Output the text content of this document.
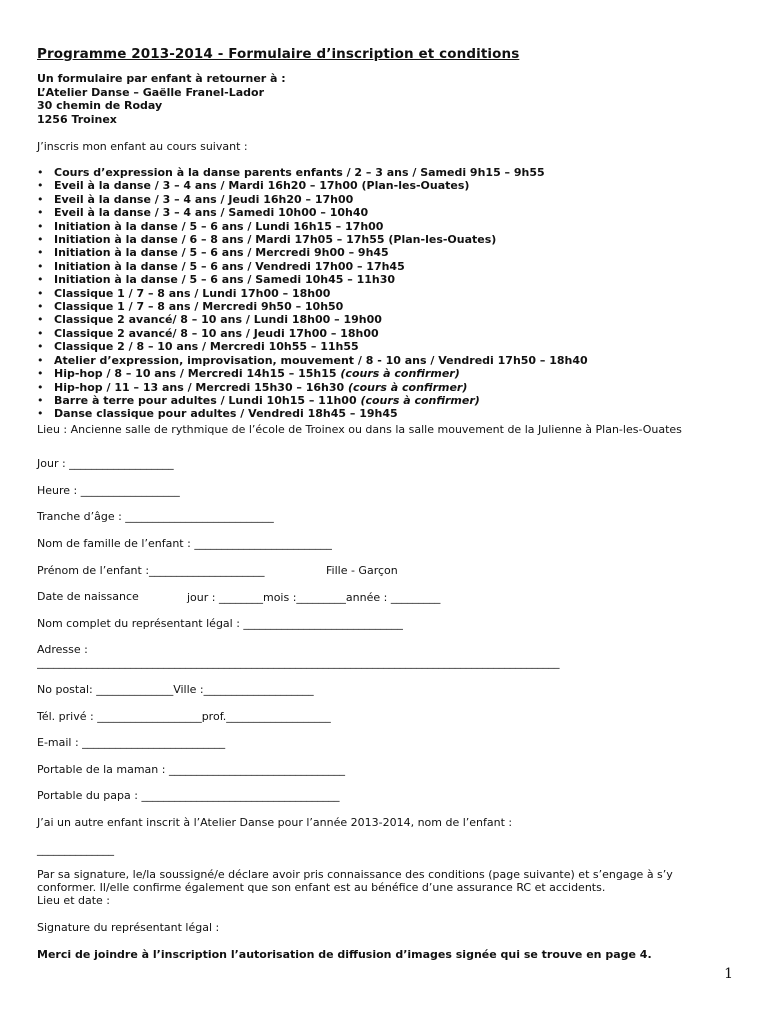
Programme 2013-2014 - Formulaire d’inscription et conditions
Un formulaire par enfant à retourner à :
L’Atelier Danse – Gaëlle Franel-Lador
30 chemin de Roday
1256 Troinex
J’inscris mon enfant au cours suivant :
• Cours d’expression à la danse parents enfants / 2 – 3 ans / Samedi 9h15 – 9h55
• Eveil à la danse / 3 – 4 ans / Mardi 16h20 – 17h00 (Plan-les-Ouates)
• Eveil à la danse / 3 – 4 ans / Jeudi 16h20 – 17h00
• Eveil à la danse / 3 – 4 ans / Samedi 10h00 – 10h40
• Initiation à la danse / 5 – 6 ans / Lundi 16h15 – 17h00
• Initiation à la danse / 6 – 8 ans / Mardi 17h05 – 17h55 (Plan-les-Ouates)
• Initiation à la danse / 5 – 6 ans / Mercredi 9h00 – 9h45
• Initiation à la danse / 5 – 6 ans / Vendredi 17h00 – 17h45
• Initiation à la danse / 5 – 6 ans / Samedi 10h45 – 11h30
• Classique 1 / 7 – 8 ans / Lundi 17h00 – 18h00
• Classique 1 / 7 – 8 ans / Mercredi 9h50 – 10h50
• Classique 2 avancé/ 8 – 10 ans / Lundi 18h00 – 19h00
• Classique 2 avancé/ 8 – 10 ans / Jeudi 17h00 – 18h00
• Classique 2 / 8 – 10 ans / Mercredi 10h55 – 11h55
• Atelier d’expression, improvisation, mouvement / 8 - 10 ans / Vendredi 17h50 – 18h40
• Hip-hop / 8 – 10 ans / Mercredi 14h15 – 15h15 (cours à confirmer)
• Hip-hop / 11 – 13 ans / Mercredi 15h30 – 16h30 (cours à confirmer)
• Barre à terre pour adultes / Lundi 10h15 – 11h00 (cours à confirmer)
• Danse classique pour adultes / Vendredi 18h45 – 19h45
Lieu : Ancienne salle de rythmique de l’école de Troinex ou dans la salle mouvement de la Julienne à Plan-les-Ouates
Jour : ___________________
Heure : __________________
Tranche d’âge : ___________________________
Nom de famille de l’enfant : _________________________
Prénom de l’enfant :_____________________	Fille - Garçon
Date de naissance	jour : ________mois :_________année : _________
Nom complet du représentant légal : _____________________________
Adresse :
_______________________________________________________________________________________________
No postal: ______________Ville :____________________
Tél. privé : ___________________prof.___________________
E-mail : __________________________
Portable de la maman : ________________________________
Portable du papa : ____________________________________
J’ai un autre enfant inscrit à l’Atelier Danse pour l’année 2013-2014, nom de l’enfant :
______________
Par sa signature, le/la soussigné/e déclare avoir pris connaissance des conditions (page suivante) et s’engage à s’y
conformer. Il/elle confirme également que son enfant est au bénéfice d’une assurance RC et accidents.
Lieu et date :
Signature du représentant légal :
Merci de joindre à l’inscription l’autorisation de diffusion d’images signée qui se trouve en page 4.
1
